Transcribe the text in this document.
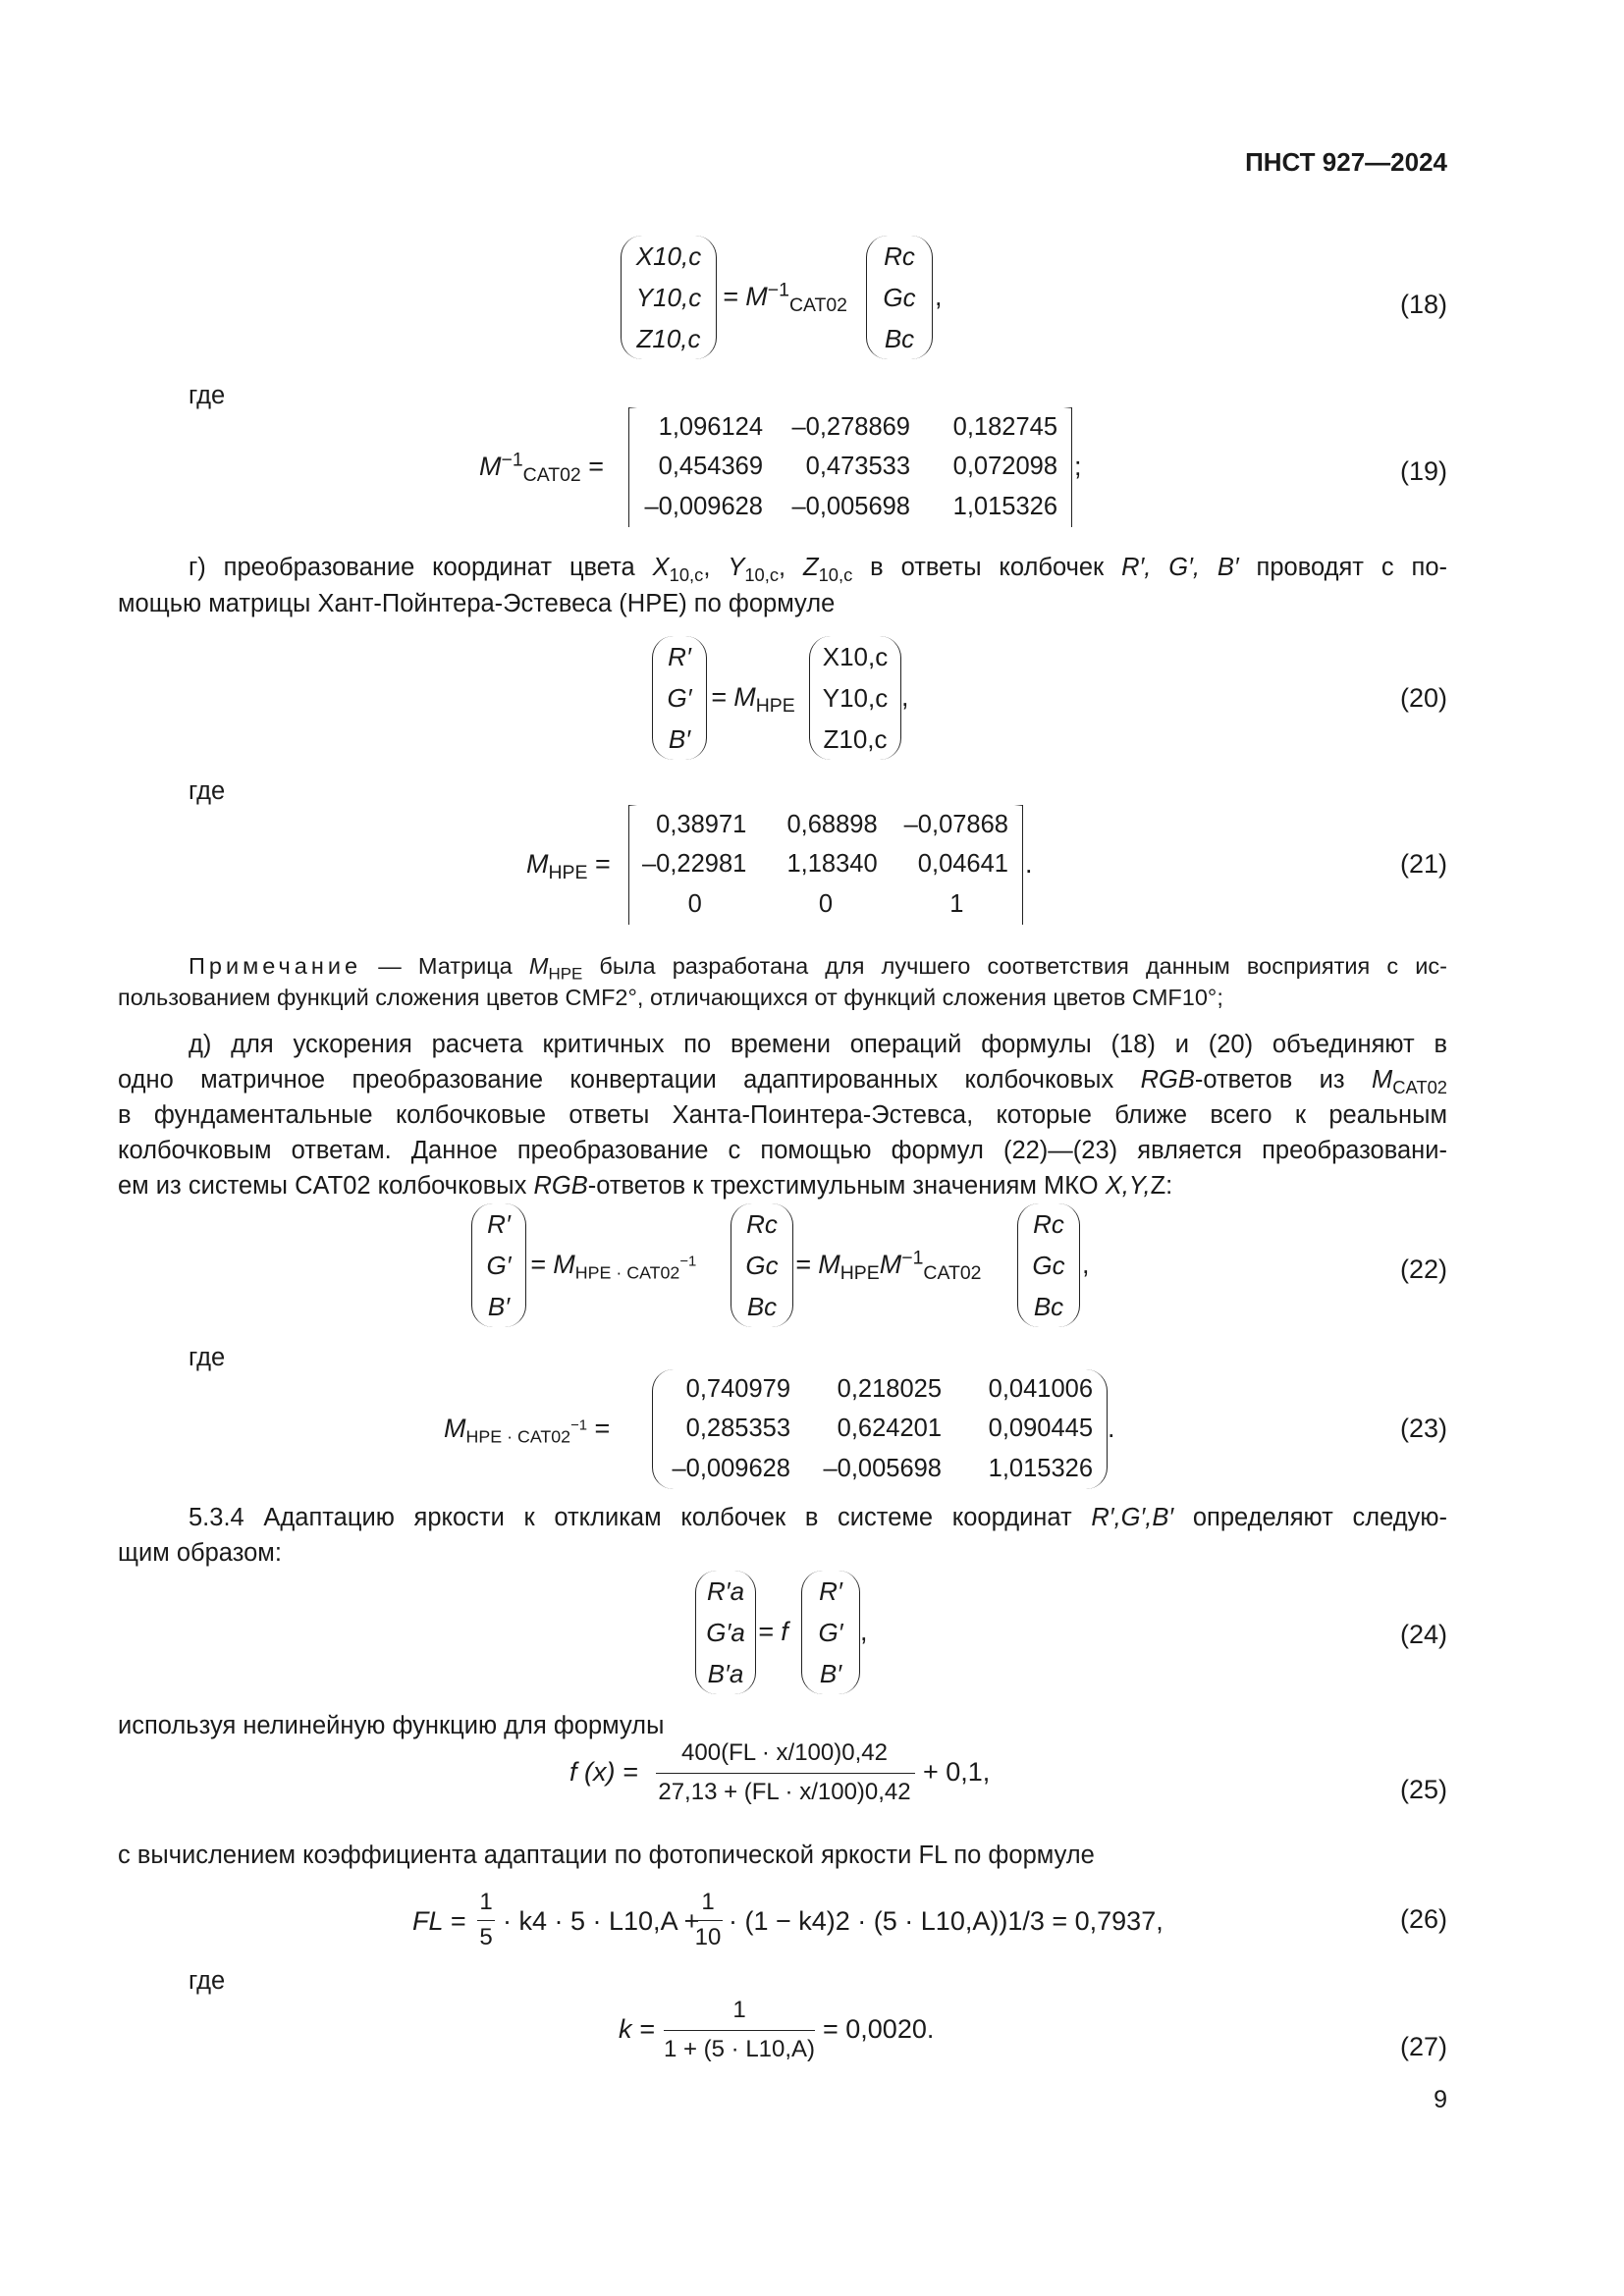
ПНСТ 927—2024
X10,c
Y10,c
Z10,c
= $M^{-1}_{CAT02}$
Rc
Gc
Bc
,	(18)
где
$M^{-1}_{CAT02}$ =
1,096124	–0,278869	0,182745
0,454369	0,473533	0,072098
–0,009628	–0,005698	1,015326
;	(19)
г) преобразование координат цвета $X_{10,c}$, $Y_{10,c}$, $Z_{10,c}$ в ответы колбочек R′, G′, B′ проводят с по-
мощью матрицы Хант-Пойнтера-Эстевеса (HPE) по формуле
R′
G′
B′
= $M_{HPE}$
X10,c
Y10,c
Z10,c
,	(20)
где
$M_{HPE}$ =
0,38971	0,68898	–0,07868
–0,22981	1,18340	0,04641
0	0	1
.	(21)
Примечание — Матрица $M_{HPE}$ была разработана для лучшего соответствия данным восприятия с ис-
пользованием функций сложения цветов CMF2°, отличающихся от функций сложения цветов CMF10°;
д) для ускорения расчета критичных по времени операций формулы (18) и (20) объединяют в
одно матричное преобразование конвертации адаптированных колбочковых RGB-ответов из $M_{CAT02}$
в фундаментальные колбочковые ответы Ханта-Поинтера-Эстевса, которые ближе всего к реальным
колбочковым ответам. Данное преобразование с помощью формул (22)—(23) является преобразовани-
ем из системы CAT02 колбочковых RGB-ответов к трехстимульным значениям МКО X,Y,Z:
R′
G′
B′
= $M_{HPE \cdot CAT02}^{-1}$
Rc
Gc
Bc
= $M_{HPE}M^{-1}_{CAT02}$
Rc
Gc
Bc
,	(22)
где
$M_{HPE \cdot CAT02}^{-1}$ =
0,740979	0,218025	0,041006
0,285353	0,624201	0,090445
–0,009628	–0,005698	1,015326
.	(23)
5.3.4 Адаптацию яркости к откликам колбочек в системе координат R′,G′,B′ определяют следую-
щим образом:
R′a
G′a
B′a
= f
R′
G′
B′
,	(24)
используя нелинейную функцию для формулы
f (x) =
400(FL · x/100)0,42
27,13 + (FL · x/100)0,42
+ 0,1,
(25)
с вычислением коэффициента адаптации по фотопической яркости FL по формуле
FL =
1
5
· k4 · 5 · L10,A +
1
10
· (1 − k4)2 · (5 · L10,A))1/3 = 0,7937,	(26)
где
k =
1
1 + (5 · L10,A)
= 0,0020.
(27)
9
